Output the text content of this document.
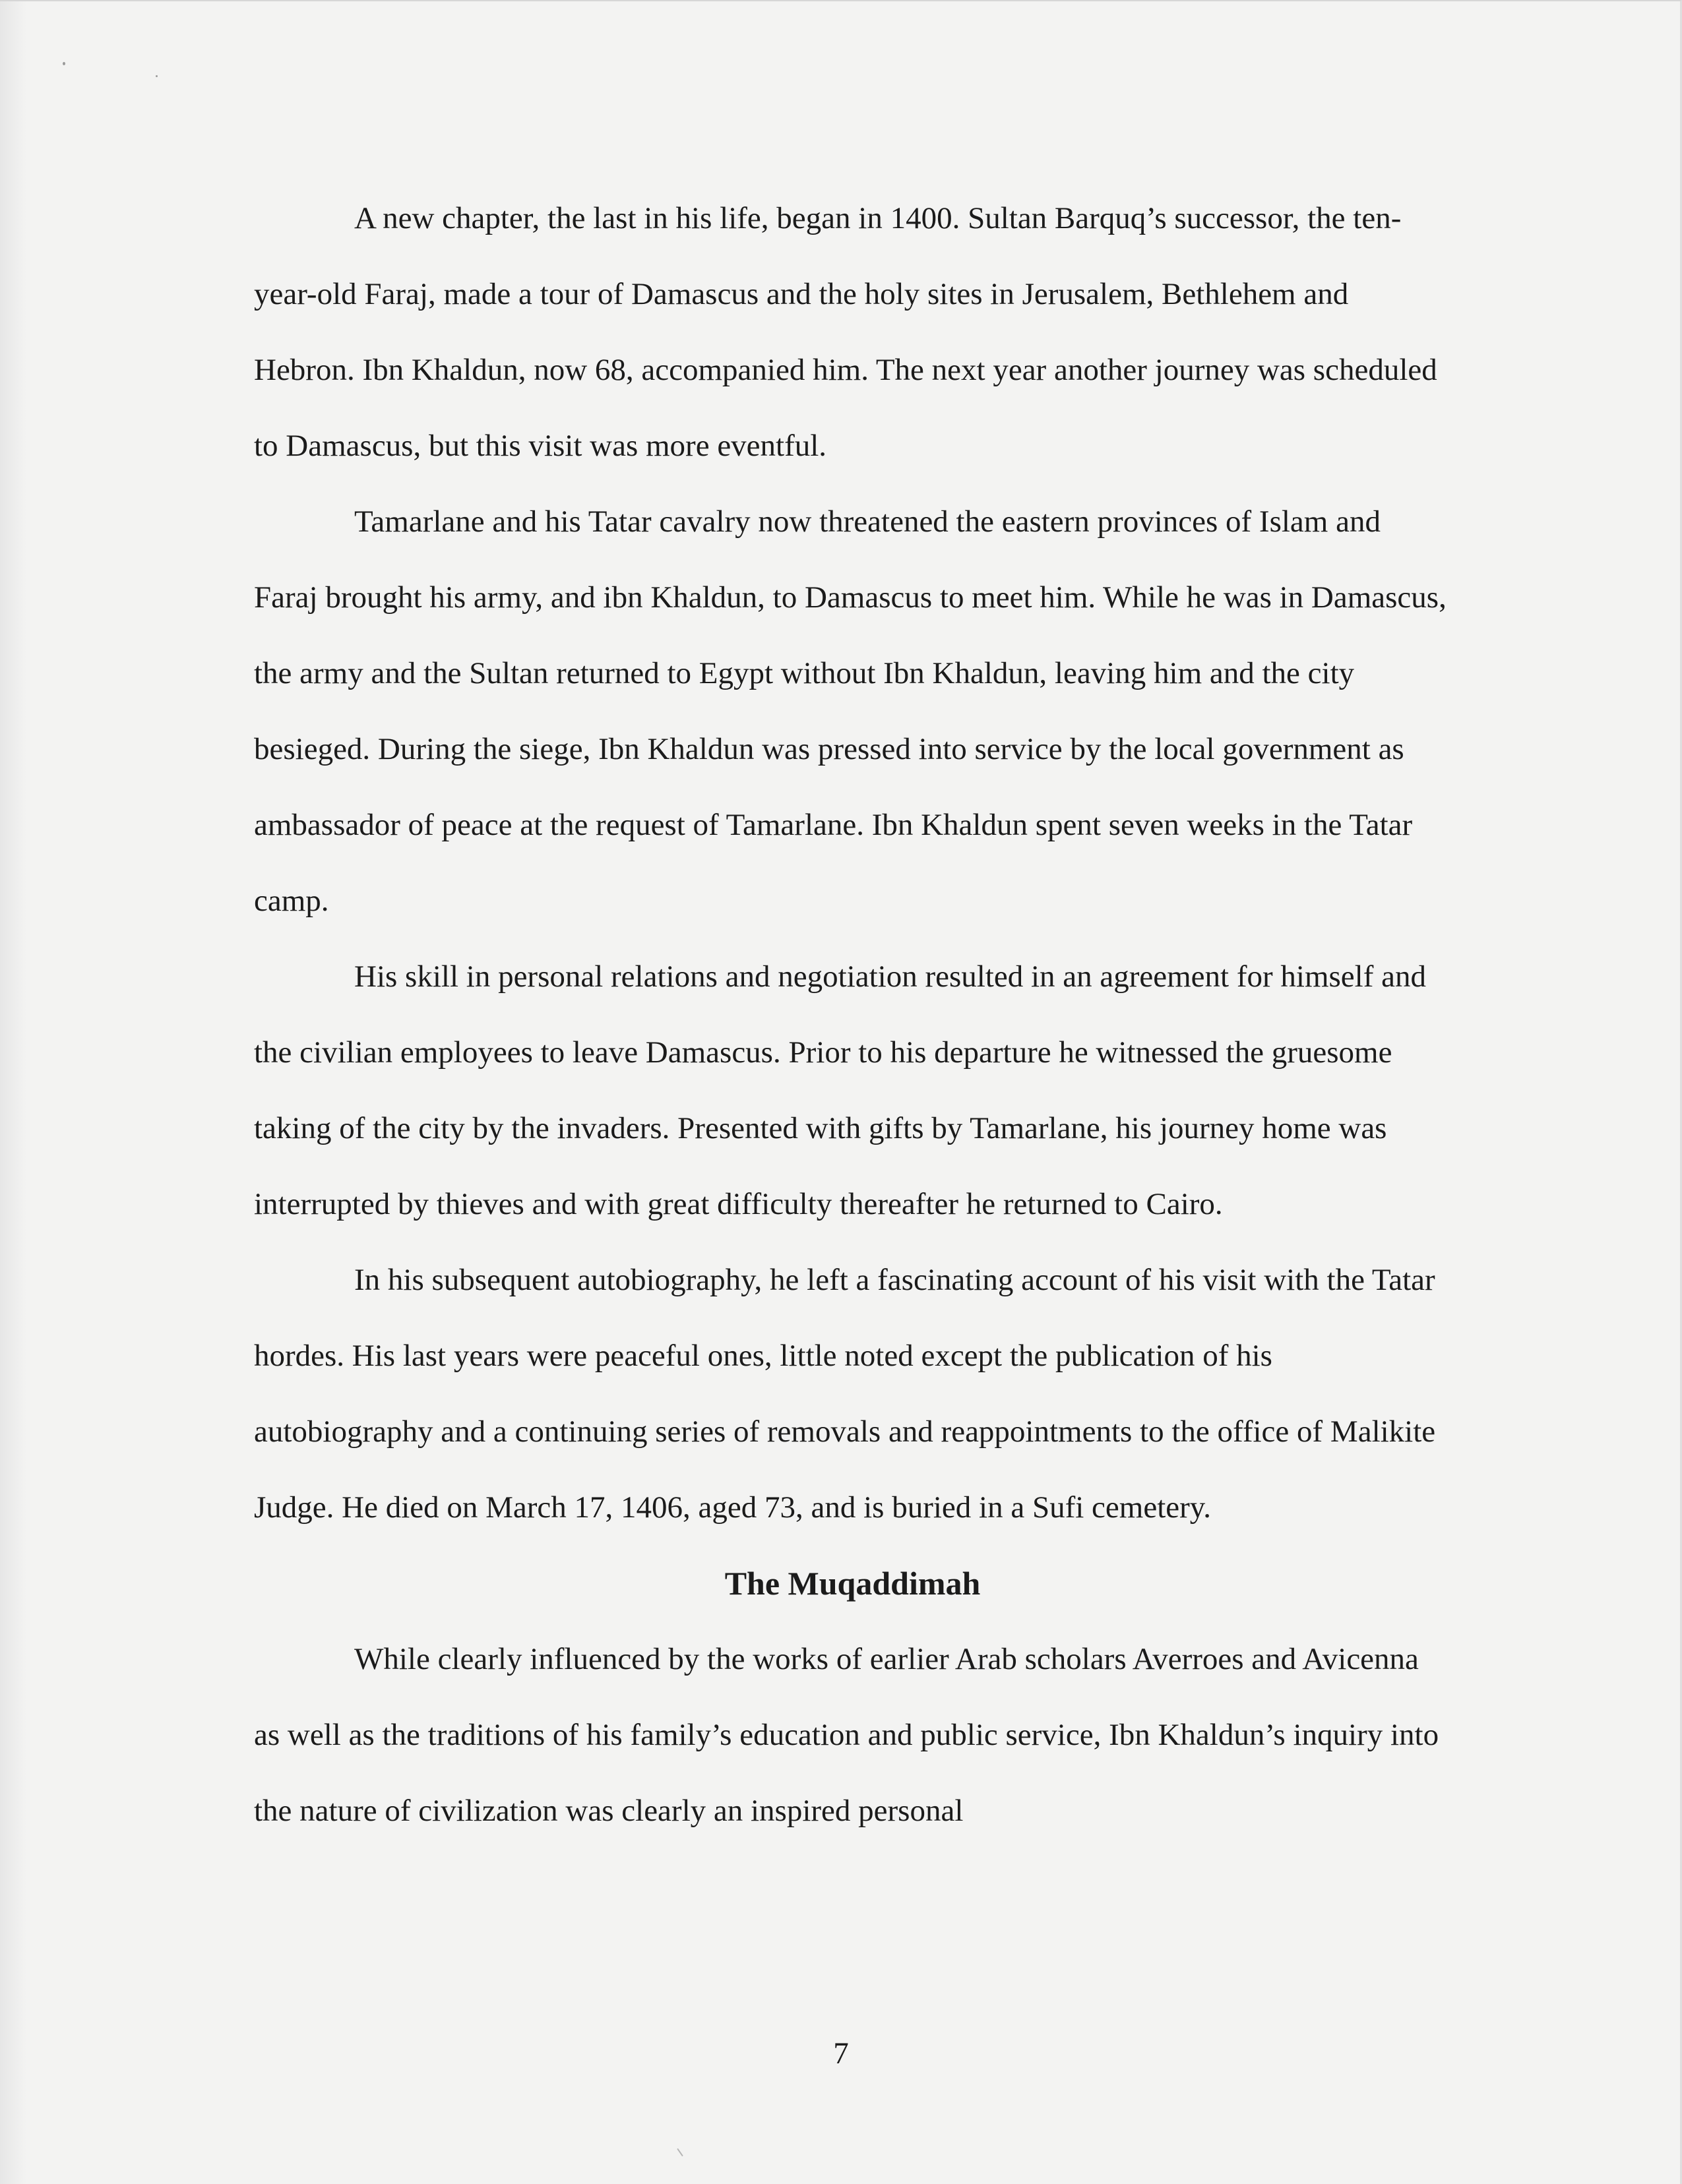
A new chapter, the last in his life, began in 1400. Sultan Barquq’s successor, the ten-year-old Faraj, made a tour of Damascus and the holy sites in Jerusalem, Bethlehem and Hebron. Ibn Khaldun, now 68, accompanied him. The next year another journey was scheduled to Damascus, but this visit was more eventful.

Tamarlane and his Tatar cavalry now threatened the eastern provinces of Islam and Faraj brought his army, and ibn Khaldun, to Damascus to meet him. While he was in Damascus, the army and the Sultan returned to Egypt without Ibn Khaldun, leaving him and the city besieged. During the siege, Ibn Khaldun was pressed into service by the local government as ambassador of peace at the request of Tamarlane. Ibn Khaldun spent seven weeks in the Tatar camp.

His skill in personal relations and negotiation resulted in an agreement for himself and the civilian employees to leave Damascus. Prior to his departure he witnessed the gruesome taking of the city by the invaders. Presented with gifts by Tamarlane, his journey home was interrupted by thieves and with great difficulty thereafter he returned to Cairo.

In his subsequent autobiography, he left a fascinating account of his visit with the Tatar hordes. His last years were peaceful ones, little noted except the publication of his autobiography and a continuing series of removals and reappointments to the office of Malikite Judge. He died on March 17, 1406, aged 73, and is buried in a Sufi cemetery.

The Muqaddimah

While clearly influenced by the works of earlier Arab scholars Averroes and Avicenna as well as the traditions of his family’s education and public service, Ibn Khaldun’s inquiry into the nature of civilization was clearly an inspired personal

7
